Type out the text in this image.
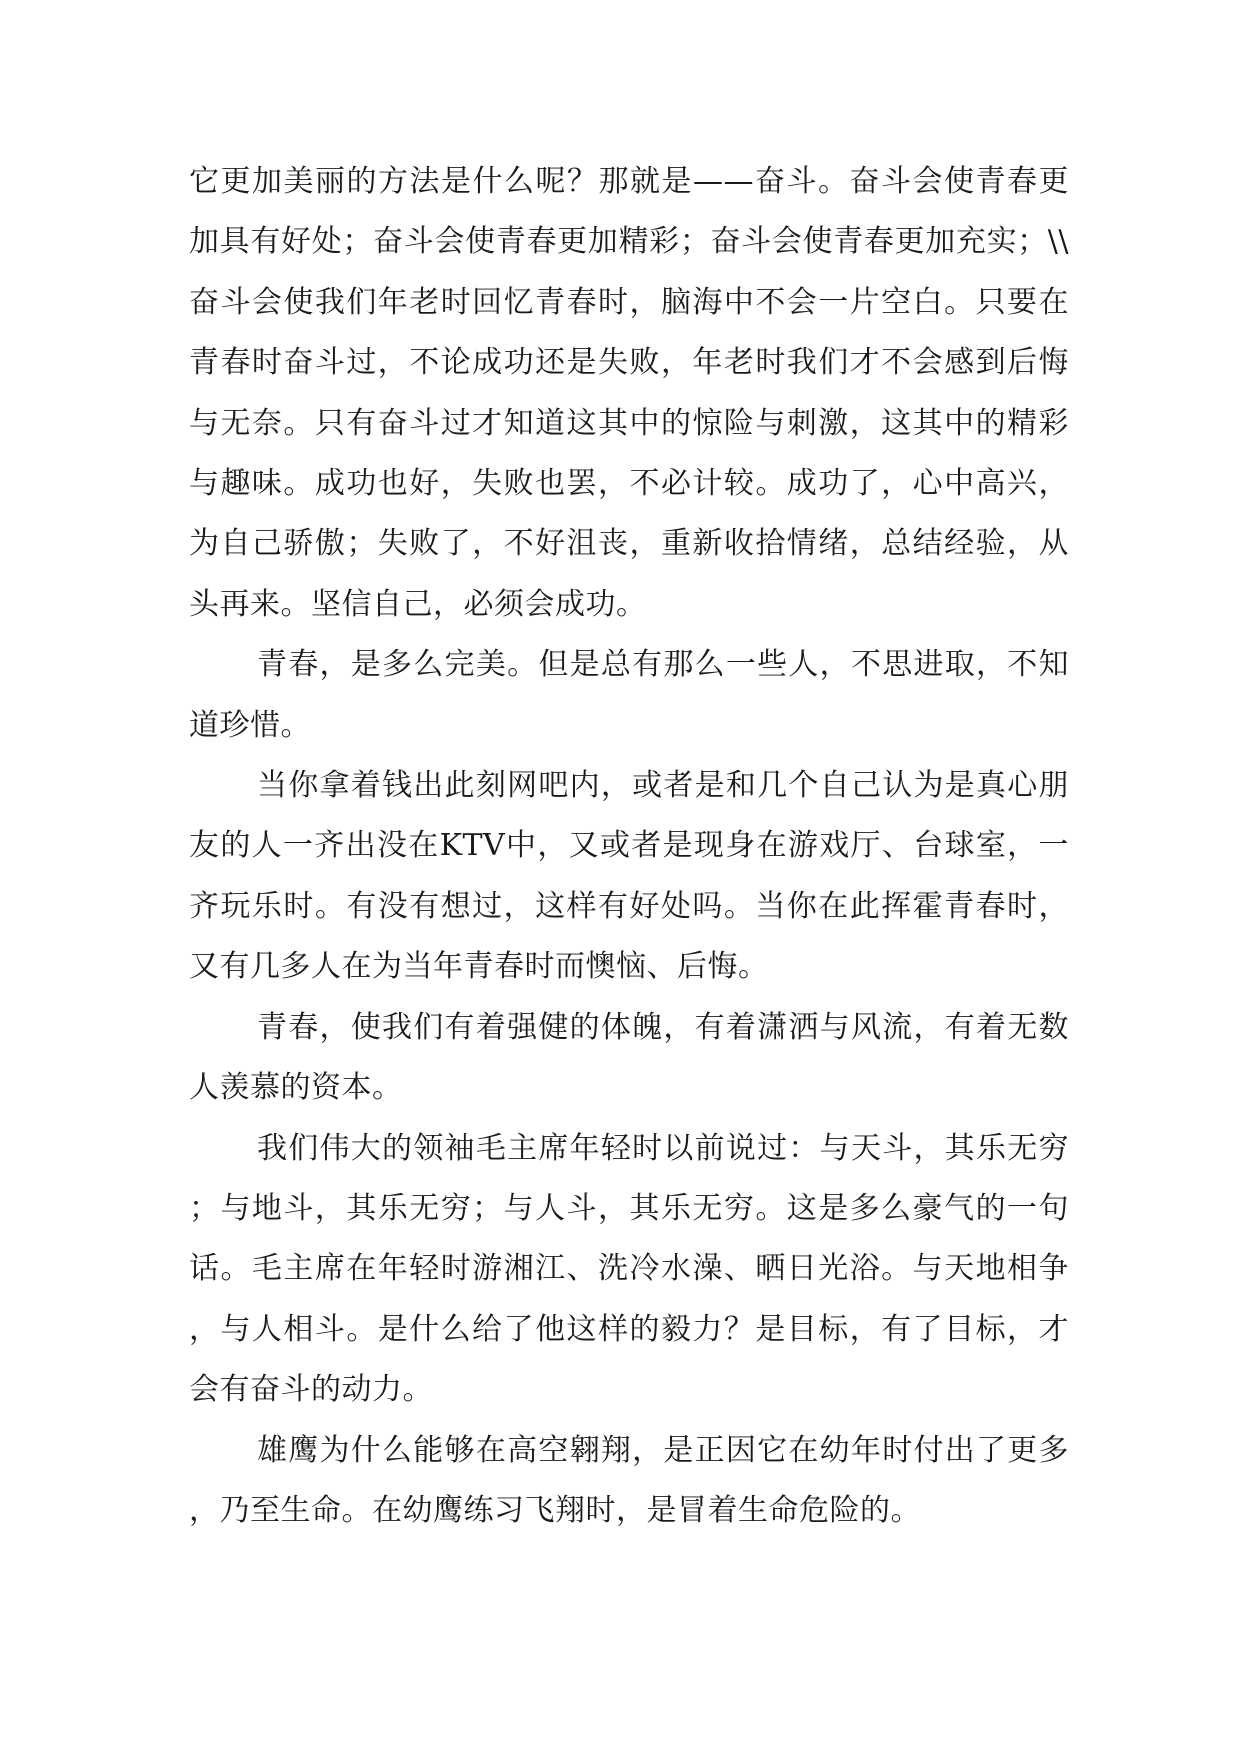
它更加美丽的方法是什么呢？那就是——奋斗。奋斗会使青春更加具有好处；奋斗会使青春更加精彩；奋斗会使青春更加充实；\\奋斗会使我们年老时回忆青春时，脑海中不会一片空白。只要在青春时奋斗过，不论成功还是失败，年老时我们才不会感到后悔与无奈。只有奋斗过才知道这其中的惊险与刺激，这其中的精彩与趣味。成功也好，失败也罢，不必计较。成功了，心中高兴，为自己骄傲；失败了，不好沮丧，重新收拾情绪，总结经验，从头再来。坚信自己，必须会成功。

青春，是多么完美。但是总有那么一些人，不思进取，不知道珍惜。

当你拿着钱出此刻网吧内，或者是和几个自己认为是真心朋友的人一齐出没在KTV中，又或者是现身在游戏厅、台球室，一齐玩乐时。有没有想过，这样有好处吗。当你在此挥霍青春时，又有几多人在为当年青春时而懊恼、后悔。

青春，使我们有着强健的体魄，有着潇洒与风流，有着无数人羡慕的资本。

我们伟大的领袖毛主席年轻时以前说过：与天斗，其乐无穷；与地斗，其乐无穷；与人斗，其乐无穷。这是多么豪气的一句话。毛主席在年轻时游湘江、洗冷水澡、晒日光浴。与天地相争，与人相斗。是什么给了他这样的毅力？是目标，有了目标，才会有奋斗的动力。

雄鹰为什么能够在高空翱翔，是正因它在幼年时付出了更多，乃至生命。在幼鹰练习飞翔时，是冒着生命危险的。
